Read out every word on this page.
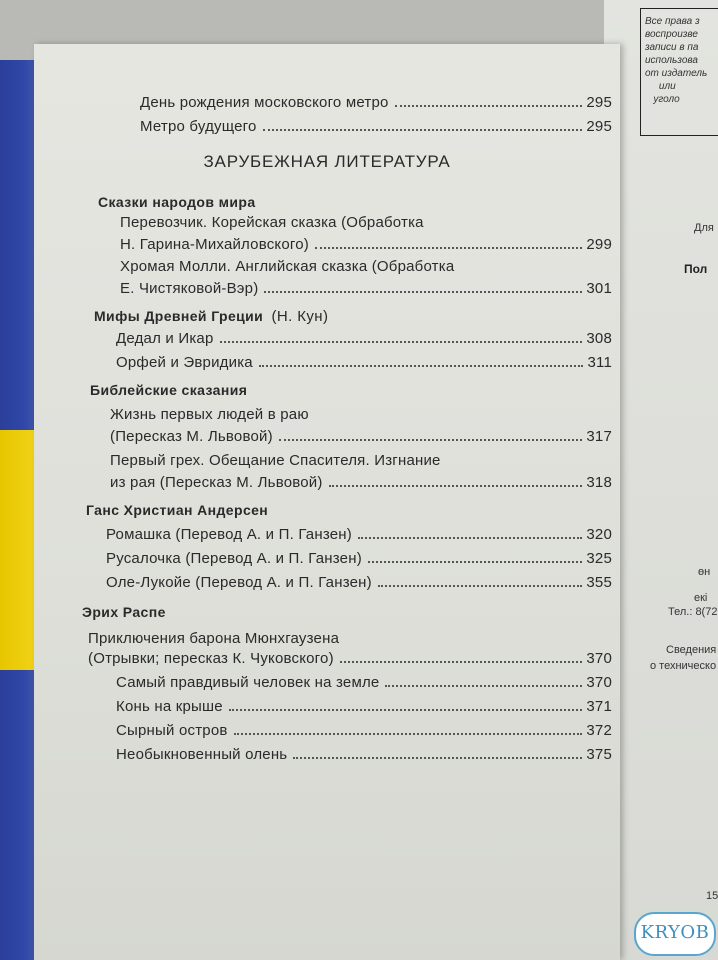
Все права з
воспроизве
записи в па
использова
от издатель
или
уголо
Для
Пол
өн
екі
Тел.: 8(72
Сведения
о техническо
15
День рождения московского метро	295
Метро будущего	295
ЗАРУБЕЖНАЯ ЛИТЕРАТУРА
Сказки народов мира
Перевозчик. Корейская сказка (Обработка
Н. Гарина-Михайловского)	299
Хромая Молли. Английская сказка (Обработка
Е. Чистяковой-Вэр)	301
Мифы Древней Греции (Н. Кун)
Дедал и Икар	308
Орфей и Эвридика	311
Библейские сказания
Жизнь первых людей в раю
(Пересказ М. Львовой)	317
Первый грех. Обещание Спасителя. Изгнание
из рая (Пересказ М. Львовой)	318
Ганс Христиан Андерсен
Ромашка (Перевод А. и П. Ганзен)	320
Русалочка (Перевод А. и П. Ганзен)	325
Оле-Лукойе (Перевод А. и П. Ганзен)	355
Эрих Распе
Приключения барона Мюнхгаузена
(Отрывки; пересказ К. Чуковского)	370
Самый правдивый человек на земле	370
Конь на крыше	371
Сырный остров	372
Необыкновенный олень	375
KRYOB
